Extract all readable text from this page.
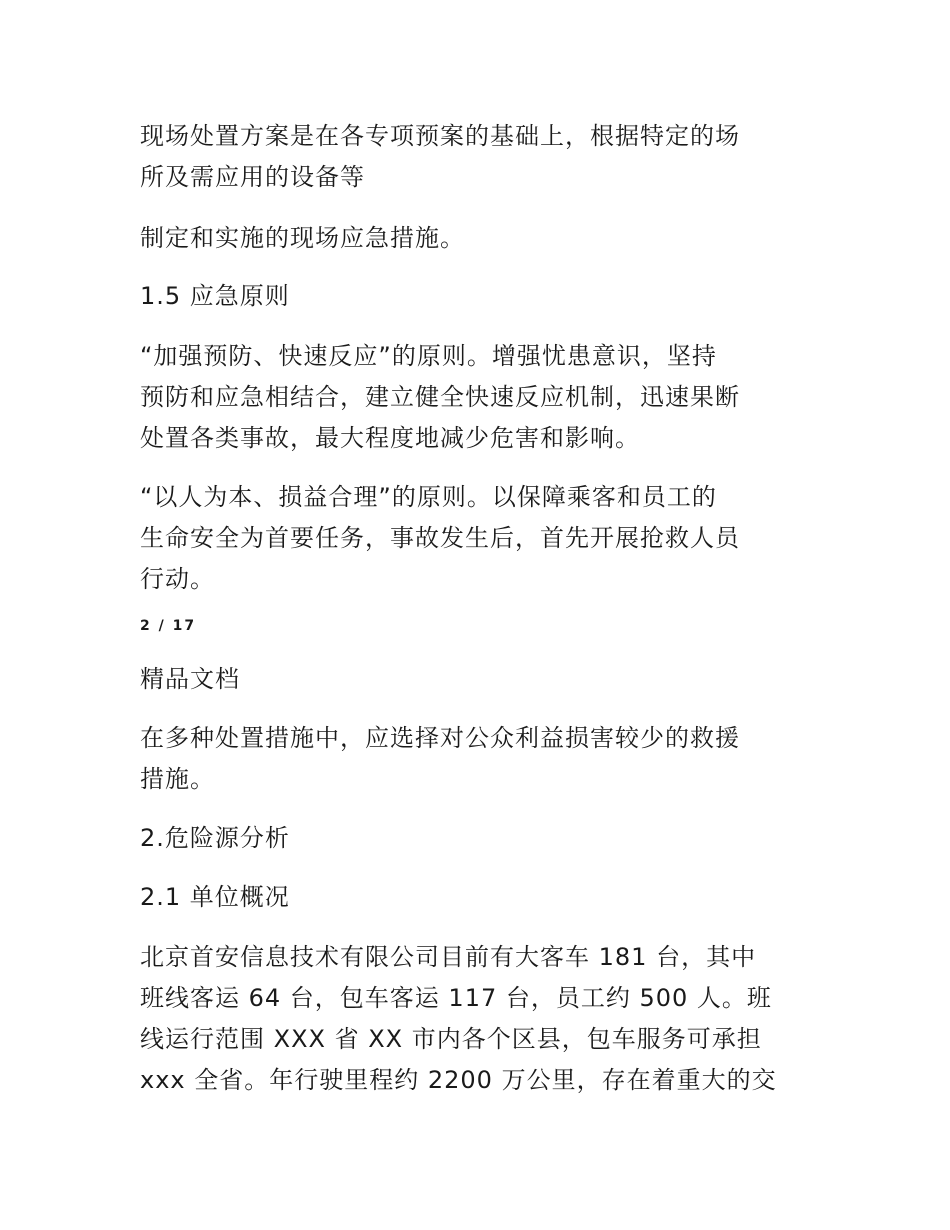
现场处置方案是在各专项预案的基础上，根据特定的场
所及需应用的设备等

制定和实施的现场应急措施。

1.5 应急原则

“加强预防、快速反应”的原则。增强忧患意识，坚持
预防和应急相结合，建立健全快速反应机制，迅速果断
处置各类事故，最大程度地减少危害和影响。

“以人为本、损益合理”的原则。以保障乘客和员工的
生命安全为首要任务，事故发生后，首先开展抢救人员
行动。

2 / 17

精品文档

在多种处置措施中，应选择对公众利益损害较少的救援
措施。

2.危险源分析

2.1 单位概况

北京首安信息技术有限公司目前有大客车 181 台，其中
班线客运 64 台，包车客运 117 台，员工约 500 人。班
线运行范围 XXX 省 XX 市内各个区县，包车服务可承担
xxx 全省。年行驶里程约 2200 万公里，存在着重大的交
